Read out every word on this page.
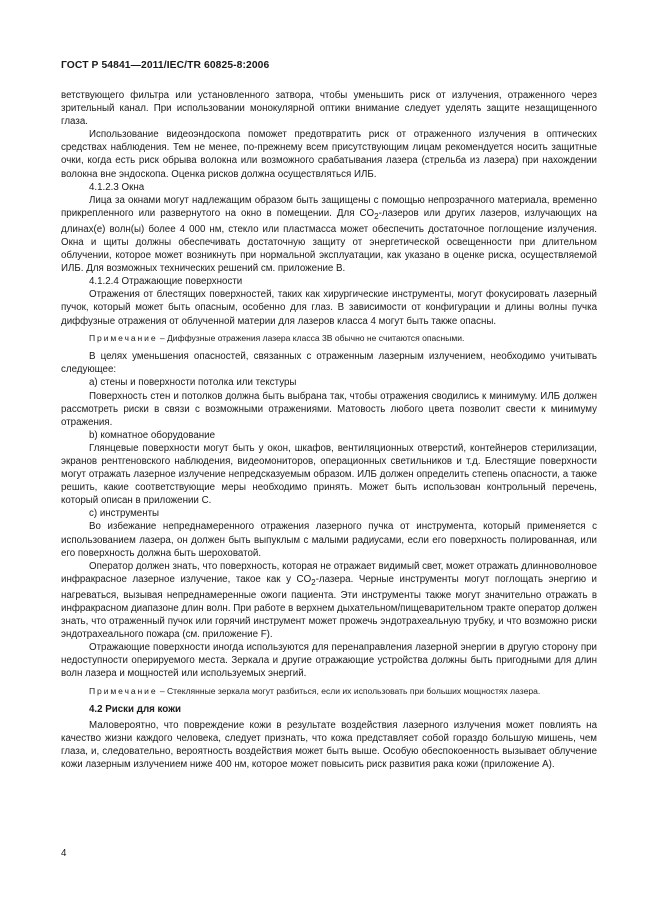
ГОСТ Р 54841—2011/IEC/TR 60825-8:2006

ветствующего фильтра или установленного затвора, чтобы уменьшить риск от излучения, отраженного через зрительный канал. При использовании монокулярной оптики внимание следует уделять защите незащищенного глаза.

Использование видеоэндоскопа поможет предотвратить риск от отраженного излучения в оптических средствах наблюдения. Тем не менее, по-прежнему всем присутствующим лицам рекомендуется носить защитные очки, когда есть риск обрыва волокна или возможного срабатывания лазера (стрельба из лазера) при нахождении волокна вне эндоскопа. Оценка рисков должна осуществляться ИЛБ.

4.1.2.3 Окна

Лица за окнами могут надлежащим образом быть защищены с помощью непрозрачного материала, временно прикрепленного или развернутого на окно в помещении. Для $CO_2$-лазеров или других лазеров, излучающих на длинах(е) волн(ы) более 4 000 нм, стекло или пластмасса может обеспечить достаточное поглощение излучения. Окна и щиты должны обеспечивать достаточную защиту от энергетической освещенности при длительном облучении, которое может возникнуть при нормальной эксплуатации, как указано в оценке риска, осуществляемой ИЛБ. Для возможных технических решений см. приложение В.

4.1.2.4 Отражающие поверхности

Отражения от блестящих поверхностей, таких как хирургические инструменты, могут фокусировать лазерный пучок, который может быть опасным, особенно для глаз. В зависимости от конфигурации и длины волны пучка диффузные отражения от облученной материи для лазеров класса 4 могут быть также опасны.

Примечание – Диффузные отражения лазера класса 3В обычно не считаются опасными.

В целях уменьшения опасностей, связанных с отраженным лазерным излучением, необходимо учитывать следующее:

а) стены и поверхности потолка или текстуры

Поверхность стен и потолков должна быть выбрана так, чтобы отражения сводились к минимуму. ИЛБ должен рассмотреть риски в связи с возможными отражениями. Матовость любого цвета позволит свести к минимуму отражения.

b) комнатное оборудование

Глянцевые поверхности могут быть у окон, шкафов, вентиляционных отверстий, контейнеров стерилизации, экранов рентгеновского наблюдения, видеомониторов, операционных светильников и т.д. Блестящие поверхности могут отражать лазерное излучение непредсказуемым образом. ИЛБ должен определить степень опасности, а также решить, какие соответствующие меры необходимо принять. Может быть использован контрольный перечень, который описан в приложении С.

с) инструменты

Во избежание непреднамеренного отражения лазерного пучка от инструмента, который применяется с использованием лазера, он должен быть выпуклым с малыми радиусами, если его поверхность полированная, или его поверхность должна быть шероховатой.

Оператор должен знать, что поверхность, которая не отражает видимый свет, может отражать длинноволновое инфракрасное лазерное излучение, такое как у $CO_2$-лазера. Черные инструменты могут поглощать энергию и нагреваться, вызывая непреднамеренные ожоги пациента. Эти инструменты также могут значительно отражать в инфракрасном диапазоне длин волн. При работе в верхнем дыхательном/пищеварительном тракте оператор должен знать, что отраженный пучок или горячий инструмент может прожечь эндотрахеальную трубку, и что возможно риски эндотрахеального пожара (см. приложение F).

Отражающие поверхности иногда используются для перенаправления лазерной энергии в другую сторону при недоступности оперируемого места. Зеркала и другие отражающие устройства должны быть пригодными для длин волн лазера и мощностей или используемых энергий.

Примечание – Стеклянные зеркала могут разбиться, если их использовать при больших мощностях лазера.

4.2 Риски для кожи

Маловероятно, что повреждение кожи в результате воздействия лазерного излучения может повлиять на качество жизни каждого человека, следует признать, что кожа представляет собой гораздо большую мишень, чем глаза, и, следовательно, вероятность воздействия может быть выше. Особую обеспокоенность вызывает облучение кожи лазерным излучением ниже 400 нм, которое может повысить риск развития рака кожи (приложение А).

4
